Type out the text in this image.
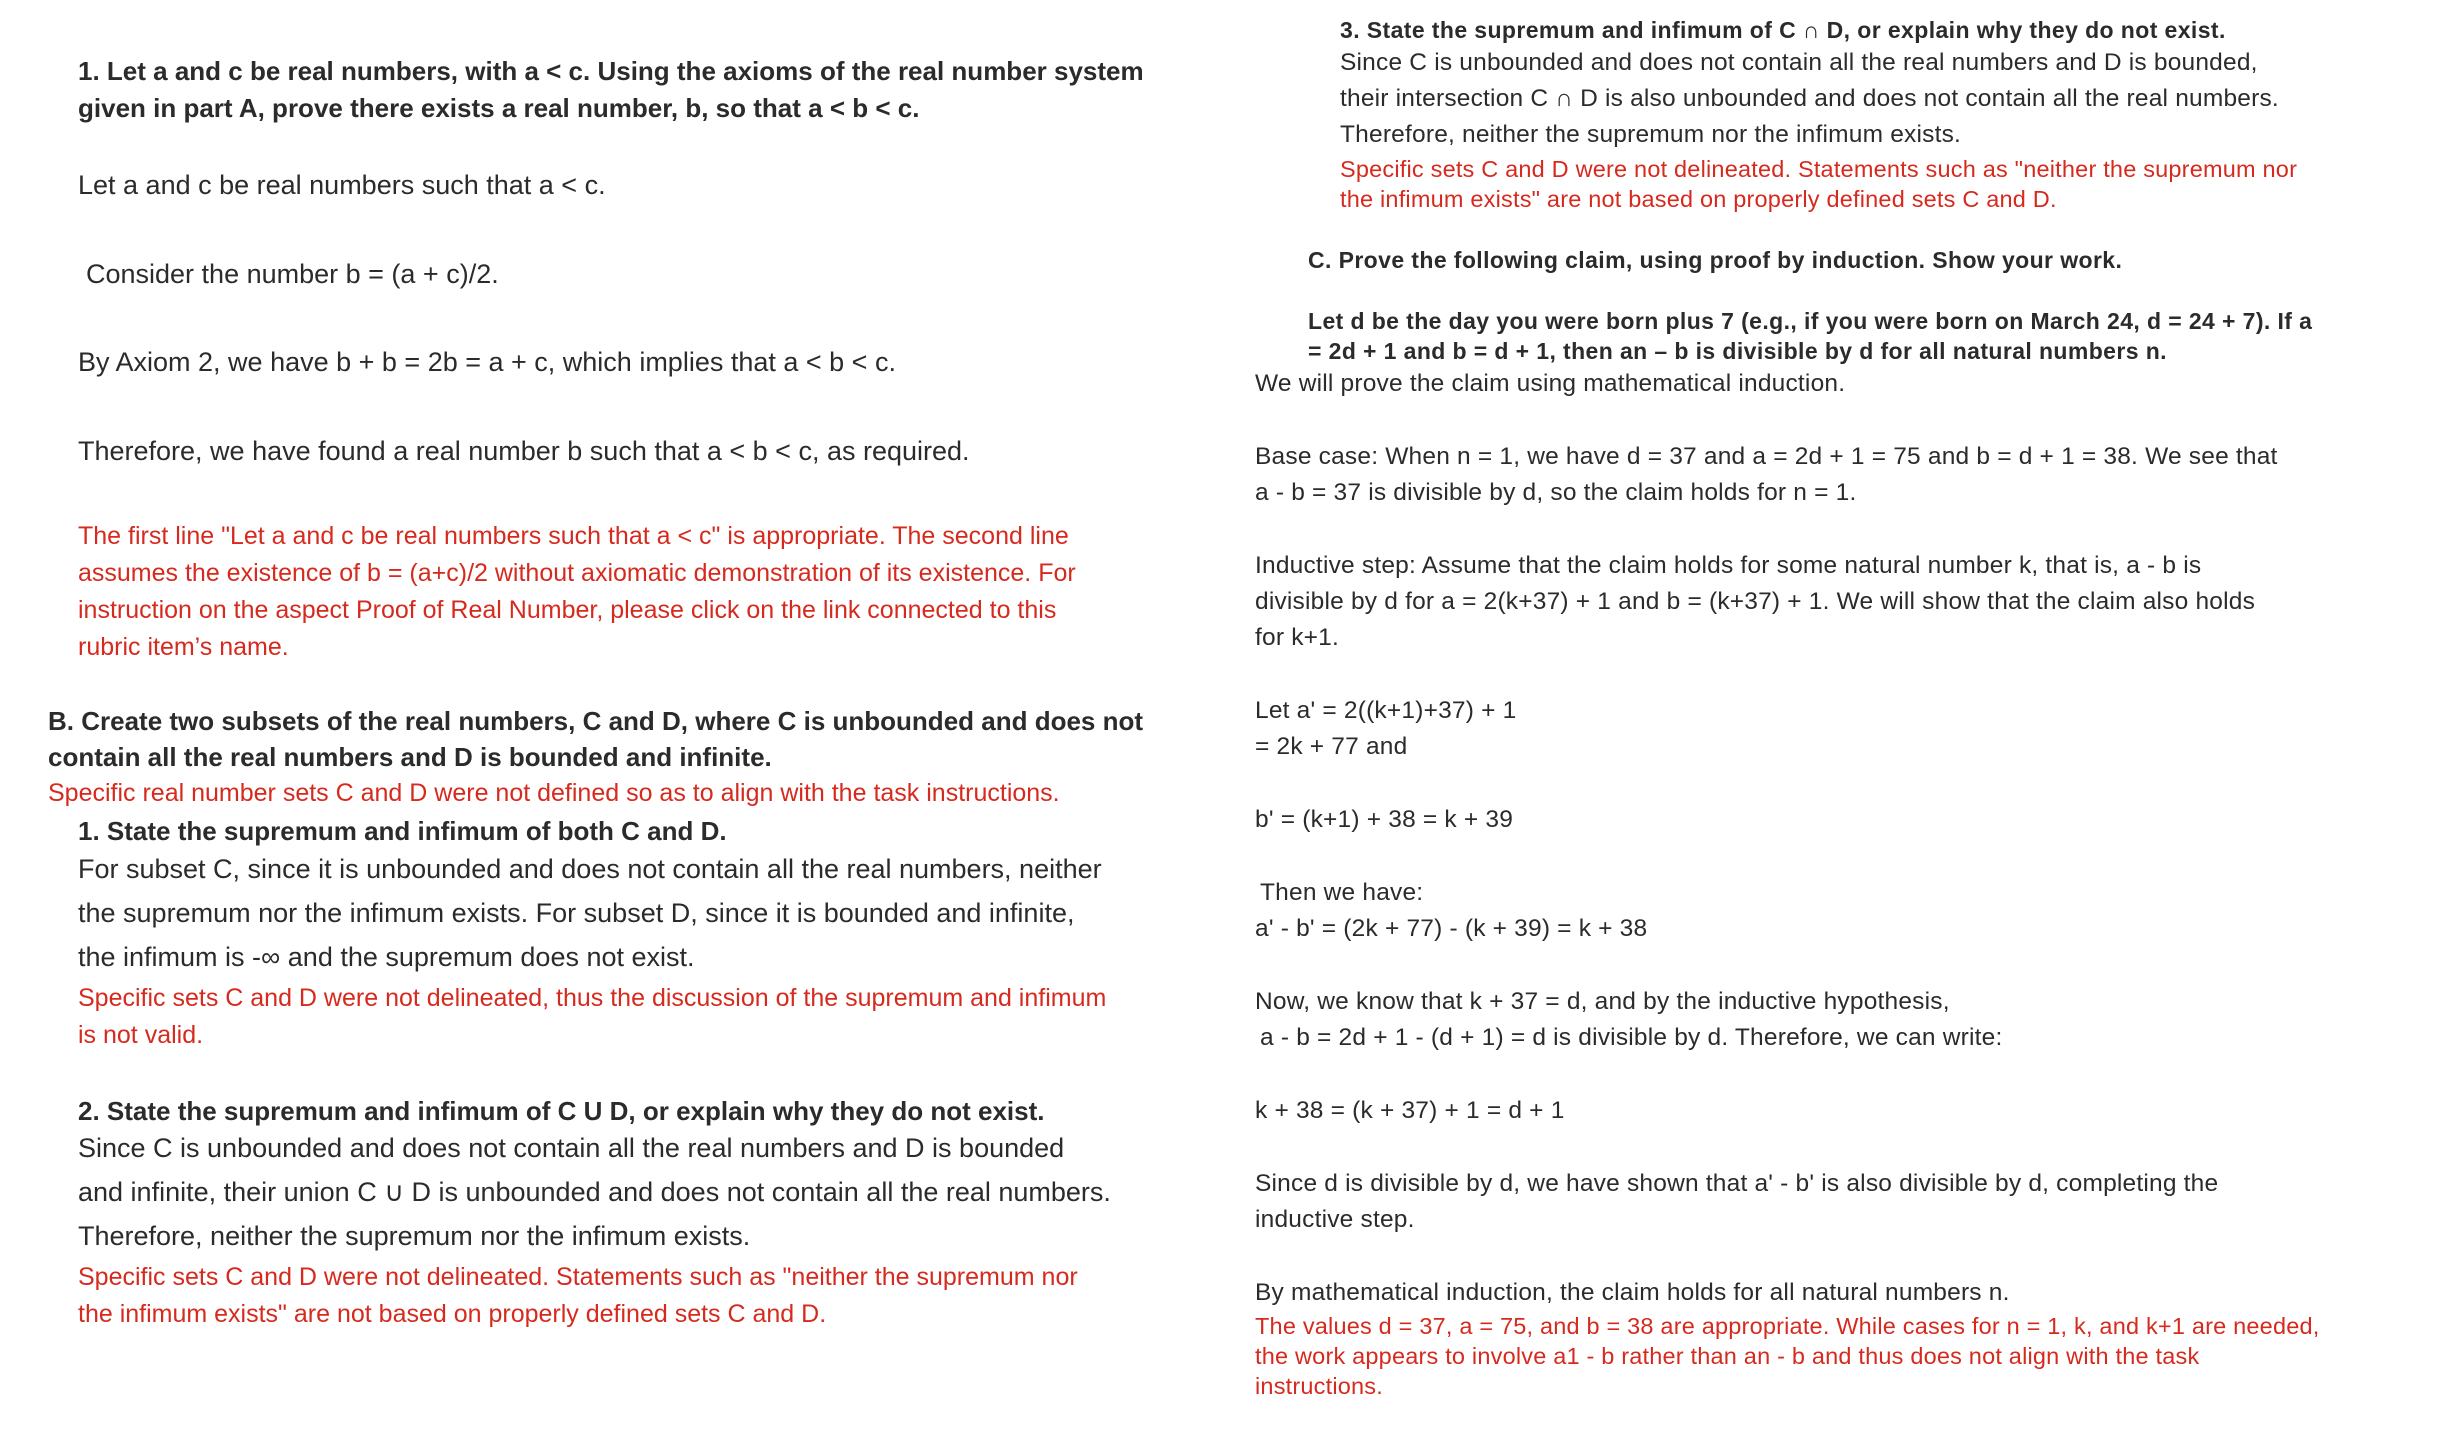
1. Let a and c be real numbers, with a < c. Using the axioms of the real number system
given in part A, prove there exists a real number, b, so that a < b < c.
Let a and c be real numbers such that a < c.
Consider the number b = (a + c)/2.
By Axiom 2, we have b + b = 2b = a + c, which implies that a < b < c.
Therefore, we have found a real number b such that a < b < c, as required.
The first line "Let a and c be real numbers such that a < c" is appropriate. The second line
assumes the existence of b = (a+c)/2 without axiomatic demonstration of its existence. For
instruction on the aspect Proof of Real Number, please click on the link connected to this
rubric item’s name.
B. Create two subsets of the real numbers, C and D, where C is unbounded and does not
contain all the real numbers and D is bounded and infinite.
Specific real number sets C and D were not defined so as to align with the task instructions.
1. State the supremum and infimum of both C and D.
For subset C, since it is unbounded and does not contain all the real numbers, neither
the supremum nor the infimum exists. For subset D, since it is bounded and infinite,
the infimum is -∞ and the supremum does not exist.
Specific sets C and D were not delineated, thus the discussion of the supremum and infimum
is not valid.
2. State the supremum and infimum of C U D, or explain why they do not exist.
Since C is unbounded and does not contain all the real numbers and D is bounded
and infinite, their union C ∪ D is unbounded and does not contain all the real numbers.
Therefore, neither the supremum nor the infimum exists.
Specific sets C and D were not delineated. Statements such as "neither the supremum nor
the infimum exists" are not based on properly defined sets C and D.
3. State the supremum and infimum of C ∩ D, or explain why they do not exist.
Since C is unbounded and does not contain all the real numbers and D is bounded,
their intersection C ∩ D is also unbounded and does not contain all the real numbers.
Therefore, neither the supremum nor the infimum exists.
Specific sets C and D were not delineated. Statements such as "neither the supremum nor
the infimum exists" are not based on properly defined sets C and D.
C. Prove the following claim, using proof by induction. Show your work.
Let d be the day you were born plus 7 (e.g., if you were born on March 24, d = 24 + 7). If a
= 2d + 1 and b = d + 1, then an – b is divisible by d for all natural numbers n.
We will prove the claim using mathematical induction.
Base case: When n = 1, we have d = 37 and a = 2d + 1 = 75 and b = d + 1 = 38. We see that
a - b = 37 is divisible by d, so the claim holds for n = 1.
Inductive step: Assume that the claim holds for some natural number k, that is, a - b is
divisible by d for a = 2(k+37) + 1 and b = (k+37) + 1. We will show that the claim also holds
for k+1.
Let a' = 2((k+1)+37) + 1
= 2k + 77 and
b' = (k+1) + 38 = k + 39
Then we have:
a' - b' = (2k + 77) - (k + 39) = k + 38
Now, we know that k + 37 = d, and by the inductive hypothesis,
a - b = 2d + 1 - (d + 1) = d is divisible by d. Therefore, we can write:
k + 38 = (k + 37) + 1 = d + 1
Since d is divisible by d, we have shown that a' - b' is also divisible by d, completing the
inductive step.
By mathematical induction, the claim holds for all natural numbers n.
The values d = 37, a = 75, and b = 38 are appropriate. While cases for n = 1, k, and k+1 are needed,
the work appears to involve a1 - b rather than an - b and thus does not align with the task
instructions.
